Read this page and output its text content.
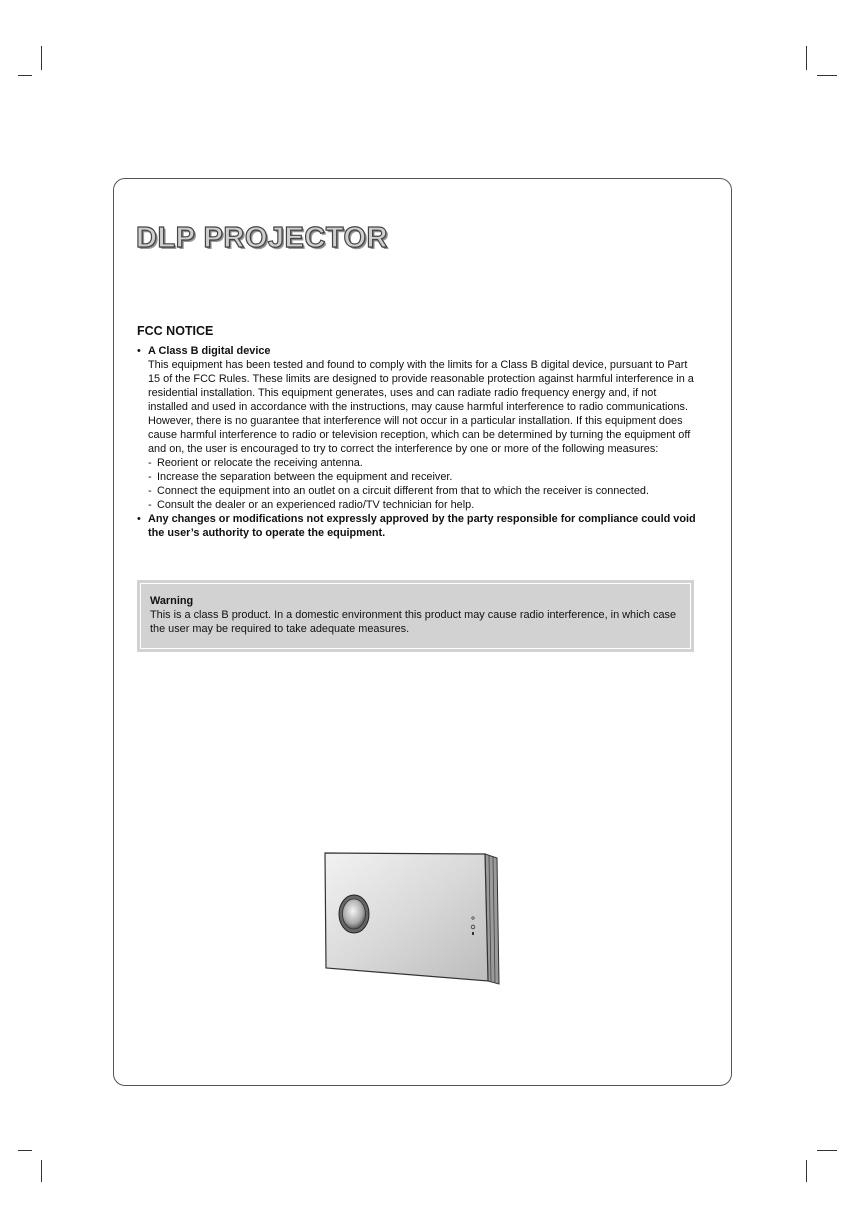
DLP PROJECTOR
FCC NOTICE
• A Class B digital device

This equipment has been tested and found to comply with the limits for a Class B digital device, pursuant to Part 15 of the FCC Rules. These limits are designed to provide reasonable protection against harmful interference in a residential installation. This equipment generates, uses and can radiate radio frequency energy and, if not installed and used in accordance with the instructions, may cause harmful interference to radio communications. However, there is no guarantee that interference will not occur in a particular installation. If this equipment does cause harmful interference to radio or television reception, which can be determined by turning the equipment off and on, the user is encouraged to try to correct the interference by one or more of the following measures:

- Reorient or relocate the receiving antenna.
- Increase the separation between the equipment and receiver.
- Connect the equipment into an outlet on a circuit different from that to which the receiver is connected.
- Consult the dealer or an experienced radio/TV technician for help.
• Any changes or modifications not expressly approved by the party responsible for compliance could void the user’s authority to operate the equipment.
Warning
This is a class B product. In a domestic environment this product may cause radio interference, in which case the user may be required to take adequate measures.
